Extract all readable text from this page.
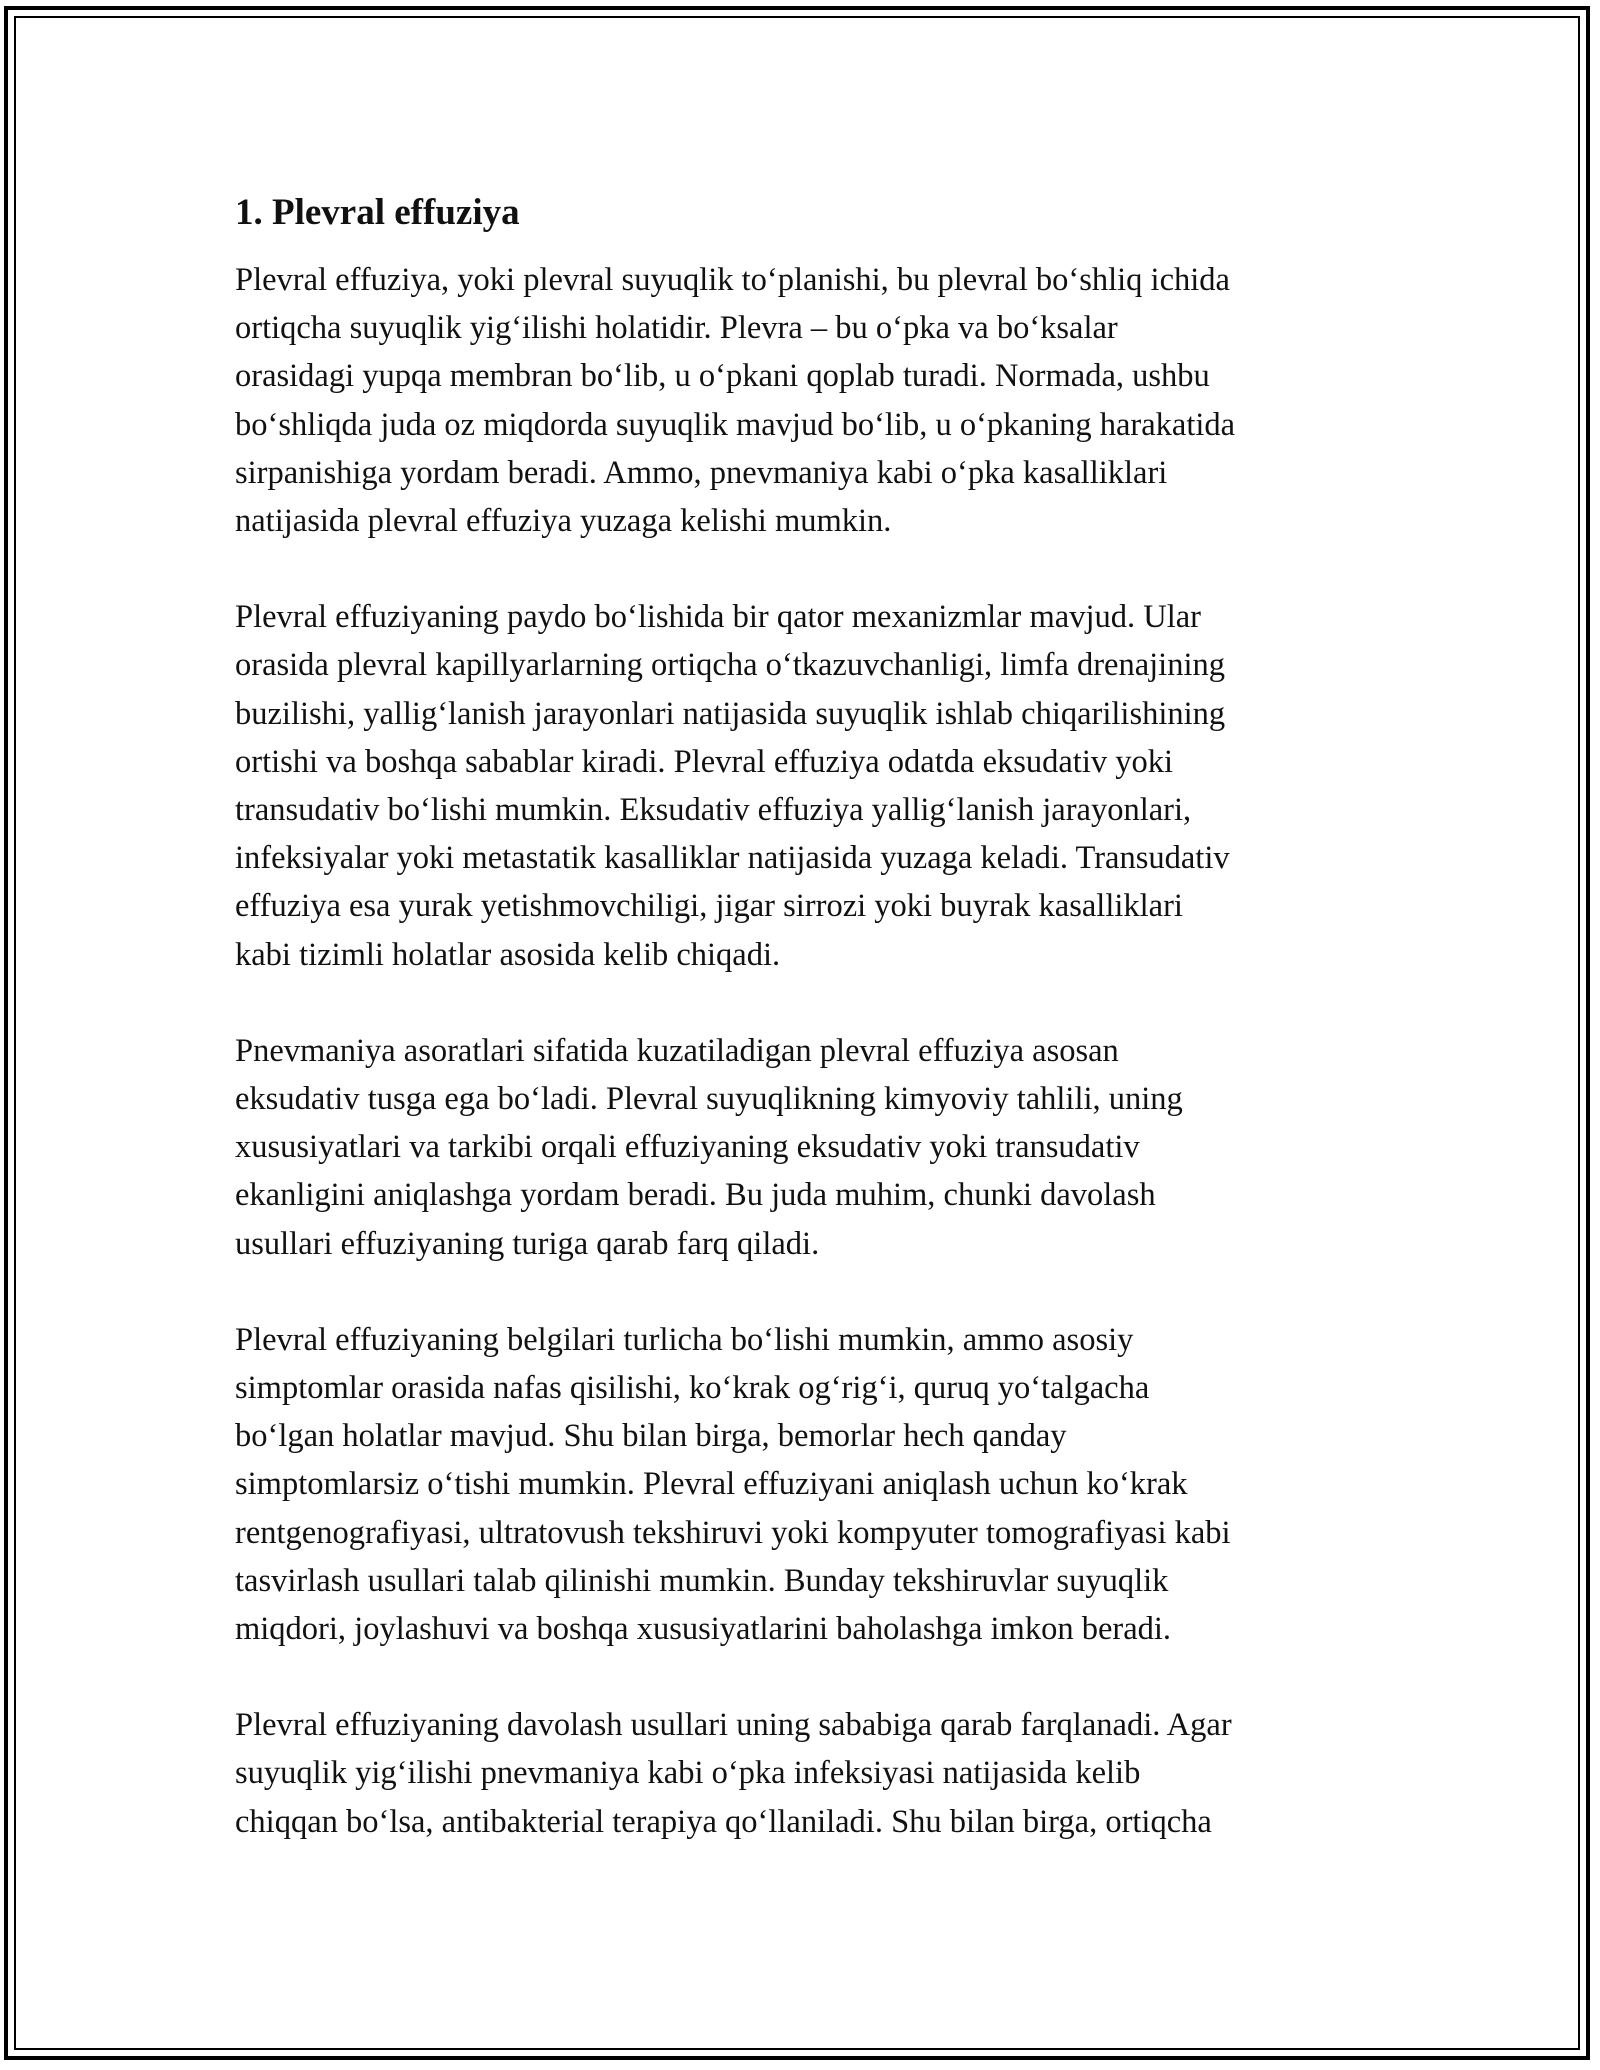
1. Plevral effuziya

Plevral effuziya, yoki plevral suyuqlik to‘planishi, bu plevral bo‘shliq ichida
ortiqcha suyuqlik yig‘ilishi holatidir. Plevra – bu o‘pka va bo‘ksalar
orasidagi yupqa membran bo‘lib, u o‘pkani qoplab turadi. Normada, ushbu
bo‘shliqda juda oz miqdorda suyuqlik mavjud bo‘lib, u o‘pkaning harakatida
sirpanishiga yordam beradi. Ammo, pnevmaniya kabi o‘pka kasalliklari
natijasida plevral effuziya yuzaga kelishi mumkin.

Plevral effuziyaning paydo bo‘lishida bir qator mexanizmlar mavjud. Ular
orasida plevral kapillyarlarning ortiqcha o‘tkazuvchanligi, limfa drenajining
buzilishi, yallig‘lanish jarayonlari natijasida suyuqlik ishlab chiqarilishining
ortishi va boshqa sabablar kiradi. Plevral effuziya odatda eksudativ yoki
transudativ bo‘lishi mumkin. Eksudativ effuziya yallig‘lanish jarayonlari,
infeksiyalar yoki metastatik kasalliklar natijasida yuzaga keladi. Transudativ
effuziya esa yurak yetishmovchiligi, jigar sirrozi yoki buyrak kasalliklari
kabi tizimli holatlar asosida kelib chiqadi.

Pnevmaniya asoratlari sifatida kuzatiladigan plevral effuziya asosan
eksudativ tusga ega bo‘ladi. Plevral suyuqlikning kimyoviy tahlili, uning
xususiyatlari va tarkibi orqali effuziyaning eksudativ yoki transudativ
ekanligini aniqlashga yordam beradi. Bu juda muhim, chunki davolash
usullari effuziyaning turiga qarab farq qiladi.

Plevral effuziyaning belgilari turlicha bo‘lishi mumkin, ammo asosiy
simptomlar orasida nafas qisilishi, ko‘krak og‘rig‘i, quruq yo‘talgacha
bo‘lgan holatlar mavjud. Shu bilan birga, bemorlar hech qanday
simptomlarsiz o‘tishi mumkin. Plevral effuziyani aniqlash uchun ko‘krak
rentgenografiyasi, ultratovush tekshiruvi yoki kompyuter tomografiyasi kabi
tasvirlash usullari talab qilinishi mumkin. Bunday tekshiruvlar suyuqlik
miqdori, joylashuvi va boshqa xususiyatlarini baholashga imkon beradi.

Plevral effuziyaning davolash usullari uning sababiga qarab farqlanadi. Agar
suyuqlik yig‘ilishi pnevmaniya kabi o‘pka infeksiyasi natijasida kelib
chiqqan bo‘lsa, antibakterial terapiya qo‘llaniladi. Shu bilan birga, ortiqcha
